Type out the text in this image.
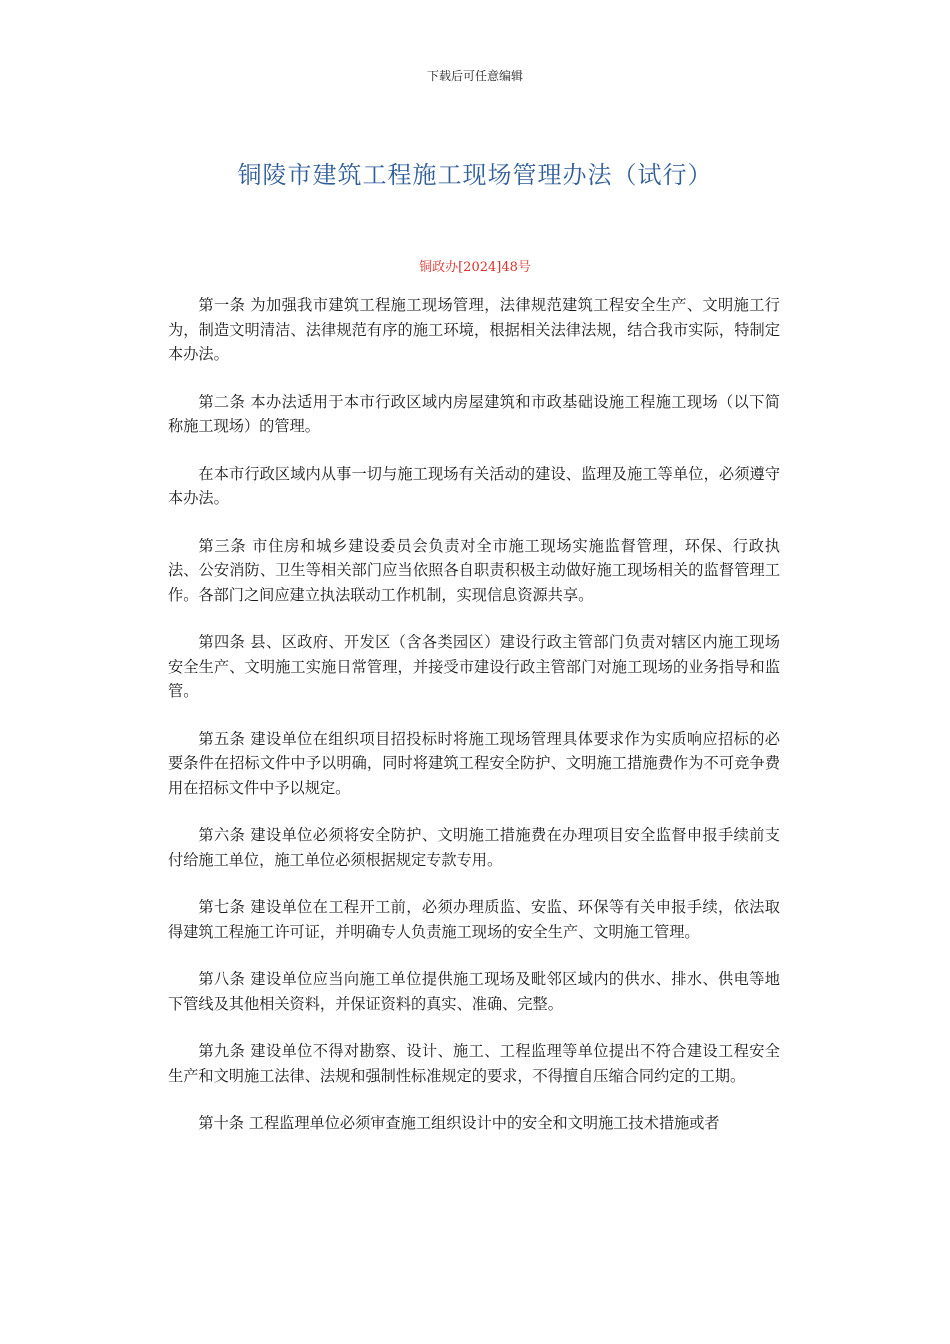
下载后可任意编辑
铜陵市建筑工程施工现场管理办法（试行）
铜政办[2024]48号

第一条 为加强我市建筑工程施工现场管理，法律规范建筑工程安全生产、文明施工行为，制造文明清洁、法律规范有序的施工环境，根据相关法律法规，结合我市实际，特制定本办法。

第二条 本办法适用于本市行政区域内房屋建筑和市政基础设施工程施工现场（以下简称施工现场）的管理。

在本市行政区域内从事一切与施工现场有关活动的建设、监理及施工等单位，必须遵守本办法。

第三条 市住房和城乡建设委员会负责对全市施工现场实施监督管理，环保、行政执法、公安消防、卫生等相关部门应当依照各自职责积极主动做好施工现场相关的监督管理工作。各部门之间应建立执法联动工作机制，实现信息资源共享。

第四条 县、区政府、开发区（含各类园区）建设行政主管部门负责对辖区内施工现场安全生产、文明施工实施日常管理，并接受市建设行政主管部门对施工现场的业务指导和监管。

第五条 建设单位在组织项目招投标时将施工现场管理具体要求作为实质响应招标的必要条件在招标文件中予以明确，同时将建筑工程安全防护、文明施工措施费作为不可竞争费用在招标文件中予以规定。

第六条 建设单位必须将安全防护、文明施工措施费在办理项目安全监督申报手续前支付给施工单位，施工单位必须根据规定专款专用。

第七条 建设单位在工程开工前，必须办理质监、安监、环保等有关申报手续，依法取得建筑工程施工许可证，并明确专人负责施工现场的安全生产、文明施工管理。

第八条 建设单位应当向施工单位提供施工现场及毗邻区域内的供水、排水、供电等地下管线及其他相关资料，并保证资料的真实、准确、完整。

第九条 建设单位不得对勘察、设计、施工、工程监理等单位提出不符合建设工程安全生产和文明施工法律、法规和强制性标准规定的要求，不得擅自压缩合同约定的工期。

第十条 工程监理单位必须审查施工组织设计中的安全和文明施工技术措施或者
